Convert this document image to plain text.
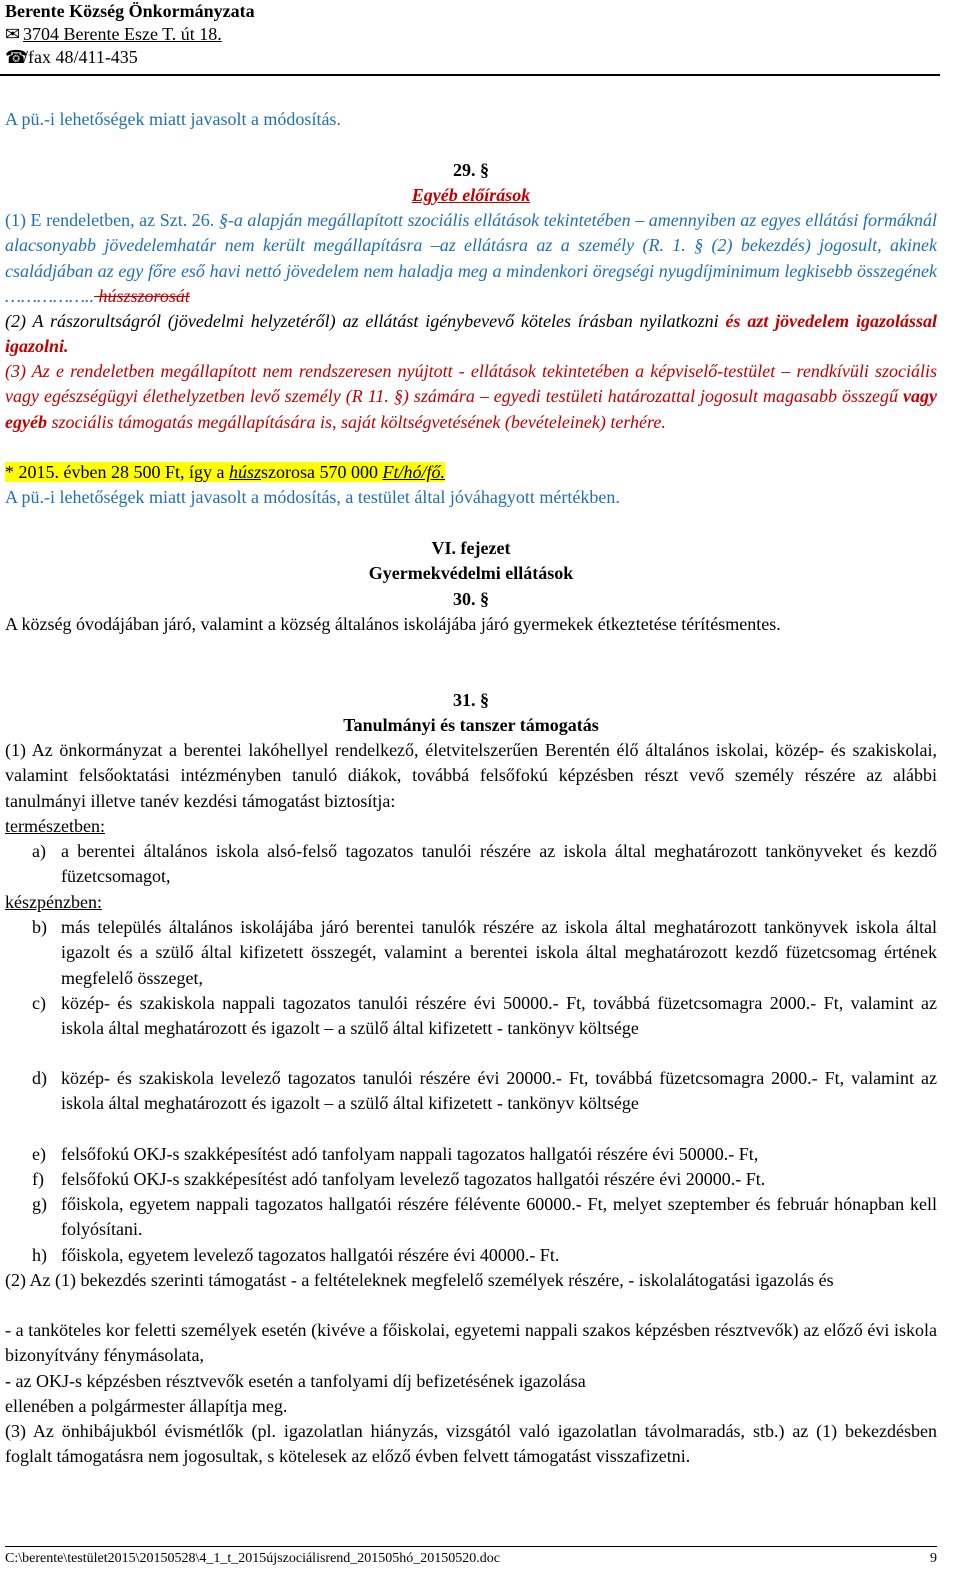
Berente Község Önkormányzata
✉ 3704 Berente Esze T. út 18.
☎/fax 48/411-435
A pü.-i lehetőségek miatt javasolt a módosítás.
29. §
Egyéb előírások
(1) E rendeletben, az Szt. 26. §-a alapján megállapított szociális ellátások tekintetében – amennyiben az egyes ellátási formáknál alacsonyabb jövedelemhatár nem került megállapításra –az ellátásra az a személy (R. 1. § (2) bekezdés) jogosult, akinek családjában az egy főre eső havi nettó jövedelem nem haladja meg a mindenkori öregségi nyugdíjminimum legkisebb összegének …………….. húszszorosát
(2) A rászorultságról (jövedelmi helyzetéről) az ellátást igénybevevő köteles írásban nyilatkozni és azt jövedelem igazolással igazolni.
(3) Az e rendeletben megállapított nem rendszeresen nyújtott - ellátások tekintetében a képviselő-testület – rendkívüli szociális vagy egészségügyi élethelyzetben levő személy (R 11. §) számára – egyedi testületi határozattal jogosult magasabb összegű vagy egyéb szociális támogatás megállapítására is, saját költségvetésének (bevételeinek) terhére.
* 2015. évben 28 500 Ft, így a húszszorosa 570 000 Ft/hó/fő.
A pü.-i lehetőségek miatt javasolt a módosítás, a testület által jóváhagyott mértékben.
VI. fejezet
Gyermekvédelmi ellátások
30. §
A község óvodájában járó, valamint a község általános iskolájába járó gyermekek étkeztetése térítésmentes.
31. §
Tanulmányi és tanszer támogatás
(1) Az önkormányzat a berentei lakóhellyel rendelkező, életvitelszerűen Berentén élő általános iskolai, közép- és szakiskolai, valamint felsőoktatási intézményben tanuló diákok, továbbá felsőfokú képzésben részt vevő személy részére az alábbi tanulmányi illetve tanév kezdési támogatást biztosítja:
természetben:
a) a berentei általános iskola alsó-felső tagozatos tanulói részére az iskola által meghatározott tankönyveket és kezdő füzetcsomagot,
készpénzben:
b) más település általános iskolájába járó berentei tanulók részére az iskola által meghatározott tankönyvek iskola által igazolt és a szülő által kifizetett összegét, valamint a berentei iskola által meghatározott kezdő füzetcsomag értének megfelelő összeget,
c) közép- és szakiskola nappali tagozatos tanulói részére évi 50000.- Ft, továbbá füzetcsomagra 2000.- Ft, valamint az iskola által meghatározott és igazolt – a szülő által kifizetett - tankönyv költsége
d) közép- és szakiskola levelező tagozatos tanulói részére évi 20000.- Ft, továbbá füzetcsomagra 2000.- Ft, valamint az iskola által meghatározott és igazolt – a szülő által kifizetett - tankönyv költsége
e) felsőfokú OKJ-s szakképesítést adó tanfolyam nappali tagozatos hallgatói részére évi 50000.- Ft,
f) felsőfokú OKJ-s szakképesítést adó tanfolyam levelező tagozatos hallgatói részére évi 20000.- Ft.
g) főiskola, egyetem nappali tagozatos hallgatói részére félévente 60000.- Ft, melyet szeptember és február hónapban kell folyósítani.
h) főiskola, egyetem levelező tagozatos hallgatói részére évi 40000.- Ft.
(2) Az (1) bekezdés szerinti támogatást - a feltételeknek megfelelő személyek részére, - iskolalátogatási igazolás és
- a tanköteles kor feletti személyek esetén (kivéve a főiskolai, egyetemi nappali szakos képzésben résztvevők) az előző évi iskola bizonyítvány fénymásolata,
- az OKJ-s képzésben résztvevők esetén a tanfolyami díj befizetésének igazolása
ellenében a polgármester állapítja meg.
(3) Az önhibájukból évismétlők (pl. igazolatlan hiányzás, vizsgától való igazolatlan távolmaradás, stb.) az (1) bekezdésben foglalt támogatásra nem jogosultak, s kötelesek az előző évben felvett támogatást visszafizetni.
C:\berente\testület2015\20150528\4_1_t_2015újszociálisrend_201505hó_20150520.doc	9
